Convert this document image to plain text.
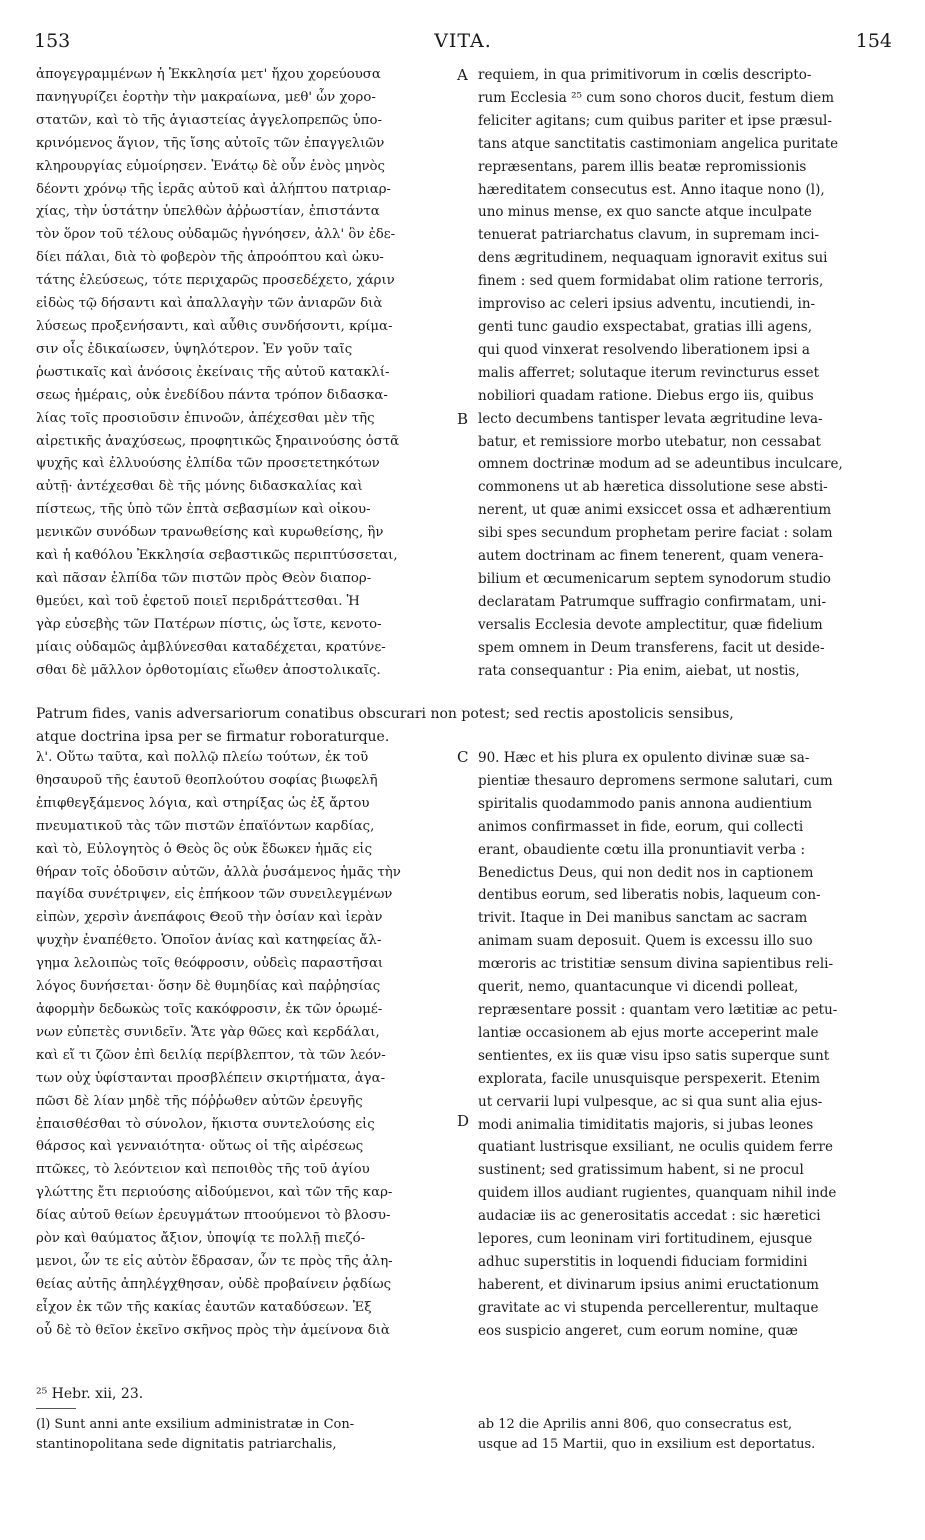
153	VITA.	154
ἀπογεγραμμένων ἡ Ἐκκλησία μετ' ἤχου χορεύουσα
πανηγυρίζει ἑορτὴν τὴν μακραίωνα, μεθ' ὧν χορο-
στατῶν, καὶ τὸ τῆς ἁγιαστείας ἀγγελοπρεπῶς ὑπο-
κρινόμενος ἅγιον, τῆς ἴσης αὐτοῖς τῶν ἐπαγγελιῶν
κληρουργίας εὐμοίρησεν. Ἐνάτῳ δὲ οὖν ἑνὸς μηνὸς
δέοντι χρόνῳ τῆς ἱερᾶς αὐτοῦ καὶ ἀλήπτου πατριαρ-
χίας, τὴν ὑστάτην ὑπελθὼν ἀῤῥωστίαν, ἐπιστάντα
τὸν ὅρον τοῦ τέλους οὐδαμῶς ἠγνόησεν, ἀλλ' ὃν ἐδε-
δίει πάλαι, διὰ τὸ φοβερὸν τῆς ἀπροόπτου καὶ ὠκυ-
τάτης ἐλεύσεως, τότε περιχαρῶς προσεδέχετο, χάριν
εἰδὼς τῷ δήσαντι καὶ ἀπαλλαγὴν τῶν ἀνιαρῶν διὰ
λύσεως προξενήσαντι, καὶ αὖθις συνδήσοντι, κρίμα-
σιν οἷς ἐδικαίωσεν, ὑψηλότερον. Ἐν γοῦν ταῖς
ῥωστικαῖς καὶ ἀνόσοις ἐκείναις τῆς αὐτοῦ κατακλί-
σεως ἡμέραις, οὐκ ἐνεδίδου πάντα τρόπον διδασκα-
λίας τοῖς προσιοῦσιν ἐπινοῶν, ἀπέχεσθαι μὲν τῆς
αἱρετικῆς ἀναχύσεως, προφητικῶς ξηραινούσης ὀστᾶ
ψυχῆς καὶ ἐλλυούσης ἐλπίδα τῶν προσετετηκότων
αὐτῇ· ἀντέχεσθαι δὲ τῆς μόνης διδασκαλίας καὶ
πίστεως, τῆς ὑπὸ τῶν ἑπτὰ σεβασμίων καὶ οἰκου-
μενικῶν συνόδων τρανωθείσης καὶ κυρωθείσης, ἣν
καὶ ἡ καθόλου Ἐκκλησία σεβαστικῶς περιπτύσσεται,
καὶ πᾶσαν ἐλπίδα τῶν πιστῶν πρὸς Θεὸν διαπορ-
θμεύει, καὶ τοῦ ἐφετοῦ ποιεῖ περιδράττεσθαι. Ἡ
γὰρ εὐσεβὴς τῶν Πατέρων πίστις, ὡς ἴστε, κενοτο-
μίαις οὐδαμῶς ἀμβλύνεσθαι καταδέχεται, κρατύνε-
σθαι δὲ μᾶλλον ὀρθοτομίαις εἴωθεν ἀποστολικαῖς.
requiem, in qua primitivorum in cœlis descripto-
rum Ecclesia ²⁵ cum sono choros ducit, festum diem
feliciter agitans; cum quibus pariter et ipse præsul-
tans atque sanctitatis castimoniam angelica puritate
repræsentans, parem illis beatæ repromissionis
hæreditatem consecutus est. Anno itaque nono (l),
uno minus mense, ex quo sancte atque inculpate
tenuerat patriarchatus clavum, in supremam inci-
dens ægritudinem, nequaquam ignoravit exitus sui
finem : sed quem formidabat olim ratione terroris,
improviso ac celeri ipsius adventu, incutiendi, in-
genti tunc gaudio exspectabat, gratias illi agens,
qui quod vinxerat resolvendo liberationem ipsi a
malis afferret; solutaque iterum revincturus esset
nobiliori quadam ratione. Diebus ergo iis, quibus
lecto decumbens tantisper levata ægritudine leva-
batur, et remissiore morbo utebatur, non cessabat
omnem doctrinæ modum ad se adeuntibus inculcare,
commonens ut ab hæretica dissolutione sese absti-
nerent, ut quæ animi exsiccet ossa et adhærentium
sibi spes secundum prophetam perire faciat : solam
autem doctrinam ac finem tenerent, quam venera-
bilium et œcumenicarum septem synodorum studio
declaratam Patrumque suffragio confirmatam, uni-
versalis Ecclesia devote amplectitur, quæ fidelium
spem omnem in Deum transferens, facit ut deside-
rata consequantur : Pia enim, aiebat, ut nostis,
A
B
C
D
Patrum fides, vanis adversariorum conatibus obscurari non potest; sed rectis apostolicis sensibus,
atque doctrina ipsa per se firmatur roboraturque.
λ'. Οὕτω ταῦτα, καὶ πολλῷ πλείω τούτων, ἐκ τοῦ
θησαυροῦ τῆς ἑαυτοῦ θεοπλούτου σοφίας βιωφελῆ
ἐπιφθεγξάμενος λόγια, καὶ στηρίξας ὡς ἐξ ἄρτου
πνευματικοῦ τὰς τῶν πιστῶν ἐπαϊόντων καρδίας,
καὶ τὸ, Εὐλογητὸς ὁ Θεὸς ὃς οὐκ ἔδωκεν ἡμᾶς εἰς
θήραν τοῖς ὀδοῦσιν αὐτῶν, ἀλλὰ ῥυσάμενος ἡμᾶς τὴν
παγίδα συνέτριψεν, εἰς ἐπήκοον τῶν συνειλεγμένων
εἰπὼν, χερσὶν ἀνεπάφοις Θεοῦ τὴν ὁσίαν καὶ ἱερὰν
ψυχὴν ἐναπέθετο. Ὁποῖον ἀνίας καὶ κατηφείας ἄλ-
γημα λελοιπὼς τοῖς θεόφροσιν, οὐδεὶς παραστῆσαι
λόγος δυνήσεται· ὅσην δὲ θυμηδίας καὶ παῤῥησίας
ἀφορμὴν δεδωκὼς τοῖς κακόφροσιν, ἐκ τῶν ὁρωμέ-
νων εὐπετὲς συνιδεῖν. Ἅτε γὰρ θῶες καὶ κερδάλαι,
καὶ εἴ τι ζῶον ἐπὶ δειλίᾳ περίβλεπτον, τὰ τῶν λεόν-
των οὐχ ὑφίστανται προσβλέπειν σκιρτήματα, ἀγα-
πῶσι δὲ λίαν μηδὲ τῆς πόῤῥωθεν αὐτῶν ἐρευγῆς
ἐπαισθέσθαι τὸ σύνολον, ἥκιστα συντελούσης εἰς
θάρσος καὶ γενναιότητα· οὕτως οἱ τῆς αἱρέσεως
πτῶκες, τὸ λεόντειον καὶ πεποιθὸς τῆς τοῦ ἁγίου
γλώττης ἔτι περιούσης αἰδούμενοι, καὶ τῶν τῆς καρ-
δίας αὐτοῦ θείων ἐρευγμάτων πτοούμενοι τὸ βλοσυ-
ρὸν καὶ θαύματος ἄξιον, ὑποψίᾳ τε πολλῇ πιεζό-
μενοι, ὧν τε εἰς αὐτὸν ἔδρασαν, ὧν τε πρὸς τῆς ἀλη-
θείας αὐτῆς ἀπηλέγχθησαν, οὐδὲ προβαίνειν ῥᾳδίως
εἶχον ἐκ τῶν τῆς κακίας ἑαυτῶν καταδύσεων. Ἐξ
οὗ δὲ τὸ θεῖον ἐκεῖνο σκῆνος πρὸς τὴν ἀμείνονα διὰ
90. Hæc et his plura ex opulento divinæ suæ sa-
pientiæ thesauro depromens sermone salutari, cum
spiritalis quodammodo panis annona audientium
animos confirmasset in fide, eorum, qui collecti
erant, obaudiente cœtu illa pronuntiavit verba :
Benedictus Deus, qui non dedit nos in captionem
dentibus eorum, sed liberatis nobis, laqueum con-
trivit. Itaque in Dei manibus sanctam ac sacram
animam suam deposuit. Quem is excessu illo suo
mœroris ac tristitiæ sensum divina sapientibus reli-
querit, nemo, quantacunque vi dicendi polleat,
repræsentare possit : quantam vero lætitiæ ac petu-
lantiæ occasionem ab ejus morte acceperint male
sentientes, ex iis quæ visu ipso satis superque sunt
explorata, facile unusquisque perspexerit. Etenim
ut cervarii lupi vulpesque, ac si qua sunt alia ejus-
modi animalia timiditatis majoris, si jubas leones
quatiant lustrisque exsiliant, ne oculis quidem ferre
sustinent; sed gratissimum habent, si ne procul
quidem illos audiant rugientes, quanquam nihil inde
audaciæ iis ac generositatis accedat : sic hæretici
lepores, cum leoninam viri fortitudinem, ejusque
adhuc superstitis in loquendi fiduciam formidini
haberent, et divinarum ipsius animi eructationum
gravitate ac vi stupenda percellerentur, multaque
eos suspicio angeret, cum eorum nomine, quæ
²⁵ Hebr. xii, 23.
(l) Sunt anni ante exsilium administratæ in Con-
stantinopolitana sede dignitatis patriarchalis,
ab 12 die Aprilis anni 806, quo consecratus est,
usque ad 15 Martii, quo in exsilium est deportatus.
